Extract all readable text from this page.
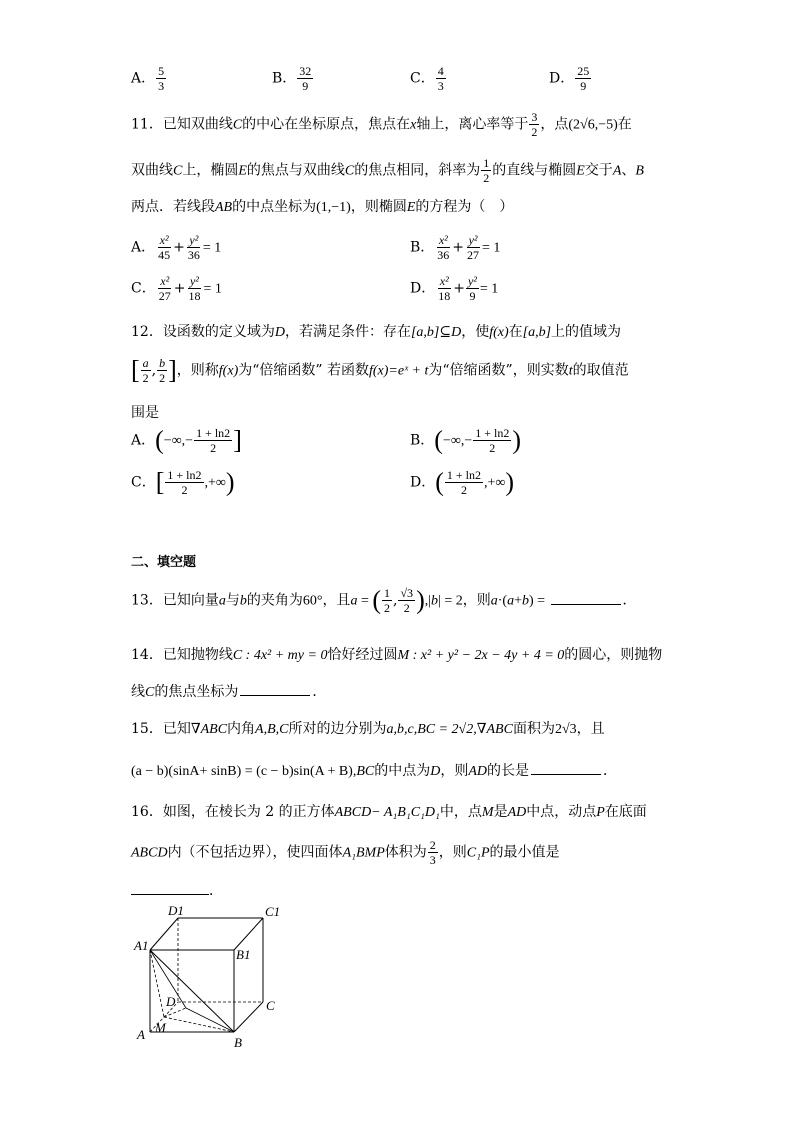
A． $\frac{5}{3}$	B． $\frac{32}{9}$	C． $\frac{4}{3}$	D． $\frac{25}{9}$
11．已知双曲线C的中心在坐标原点，焦点在x轴上，离心率等于 $\frac{3}{2}$ ，点(2√6,−5)在
双曲线C上，椭圆E的焦点与双曲线C的焦点相同，斜率为 $\frac{1}{2}$ 的直线与椭圆E交于A、B
两点．若线段AB的中点坐标为(1,−1)，则椭圆E的方程为（　）
A． $\frac{\text{x²}}{45} + \frac{\text{y²}}{36} = 1$	B． $\frac{\text{x²}}{36} + \frac{\text{y²}}{27} = 1$
C． $\frac{\text{x²}}{27} + \frac{\text{y²}}{18} = 1$	D． $\frac{\text{x²}}{18} + \frac{\text{y²}}{9} = 1$
12．设函数的定义域为D，若满足条件：存在[a,b]⊆D，使f(x)在[a,b]上的值域为
[ $\frac{a}{2}$ , $\frac{b}{2}$ ]，则称f(x)为“倍缩函数” 若函数f(x)=eˣ + t为“倍缩函数”，则实数t的取值范
围是
A．(−∞,− $\frac{1 + \ln 2}{2}$ ]	B．(−∞,− $\frac{1 + \ln 2}{2}$ )
C．[ $\frac{1 + \ln 2}{2}$ ,+∞)	D．( $\frac{1 + \ln 2}{2}$ ,+∞)
二、填空题
13．已知向量a与b的夹角为60°，且a = ( $\frac{1}{2}$ , $\frac{√3}{2} ),|b| = 2$，则a·(a+b) =	．
14．已知抛物线C : 4x² + my = 0恰好经过圆M : x² + y² − 2x − 4y + 4 = 0的圆心，则抛物
线C的焦点坐标为	．
15．已知∇ABC内角A,B,C所对的边分别为a,b,c,BC = 2√2,∇ABC面积为2√3，且
(a − b)(sinA+ sinB) = (c − b)sin(A + B),BC的中点为D，则AD的长是	．
16．如图，在棱长为 2 的正方体ABCD− A₁B₁C₁D₁中，点M是AD中点，动点P在底面
ABCD内（不包括边界），使四面体A₁BMP体积为 $\frac{2}{3}$ ，则C₁P的最小值是
．
D1	C1
A1
B1
D	C
A M
B
